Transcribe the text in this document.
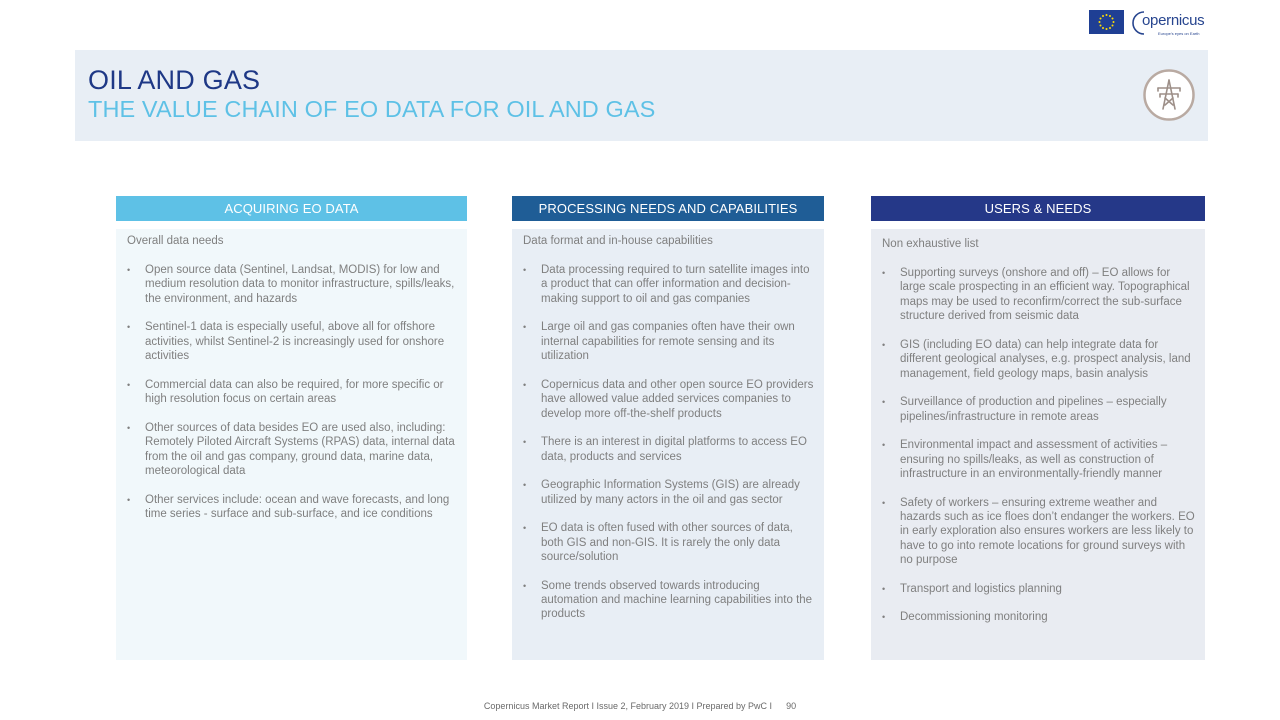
opernicus
Europe's eyes on Earth
OIL AND GAS
THE VALUE CHAIN OF EO DATA FOR OIL AND GAS
ACQUIRING EO DATA
Overall data needs
• Open source data (Sentinel, Landsat, MODIS) for low and medium resolution data to monitor infrastructure, spills/leaks, the environment, and hazards
• Sentinel-1 data is especially useful, above all for offshore activities, whilst Sentinel-2 is increasingly used for onshore activities
• Commercial data can also be required, for more specific or high resolution focus on certain areas
• Other sources of data besides EO are used also, including: Remotely Piloted Aircraft Systems (RPAS) data, internal data from the oil and gas company, ground data, marine data, meteorological data
• Other services include: ocean and wave forecasts, and long time series - surface and sub-surface, and ice conditions
PROCESSING NEEDS AND CAPABILITIES
Data format and in-house capabilities
• Data processing required to turn satellite images into a product that can offer information and decision-making support to oil and gas companies
• Large oil and gas companies often have their own internal capabilities for remote sensing and its utilization
• Copernicus data and other open source EO providers have allowed value added services companies to develop more off-the-shelf products
• There is an interest in digital platforms to access EO data, products and services
• Geographic Information Systems (GIS) are already utilized by many actors in the oil and gas sector
• EO data is often fused with other sources of data, both GIS and non-GIS. It is rarely the only data source/solution
• Some trends observed towards introducing automation and machine learning capabilities into the products
USERS & NEEDS
Non exhaustive list
• Supporting surveys (onshore and off) – EO allows for large scale prospecting in an efficient way. Topographical maps may be used to reconfirm/correct the sub-surface structure derived from seismic data
• GIS (including EO data) can help integrate data for different geological analyses, e.g. prospect analysis, land management, field geology maps, basin analysis
• Surveillance of production and pipelines – especially pipelines/infrastructure in remote areas
• Environmental impact and assessment of activities – ensuring no spills/leaks, as well as construction of infrastructure in an environmentally-friendly manner
• Safety of workers – ensuring extreme weather and hazards such as ice floes don’t endanger the workers. EO in early exploration also ensures workers are less likely to have to go into remote locations for ground surveys with no purpose
• Transport and logistics planning
• Decommissioning monitoring
Copernicus Market Report I Issue 2, February 2019 I Prepared by PwC I 90
